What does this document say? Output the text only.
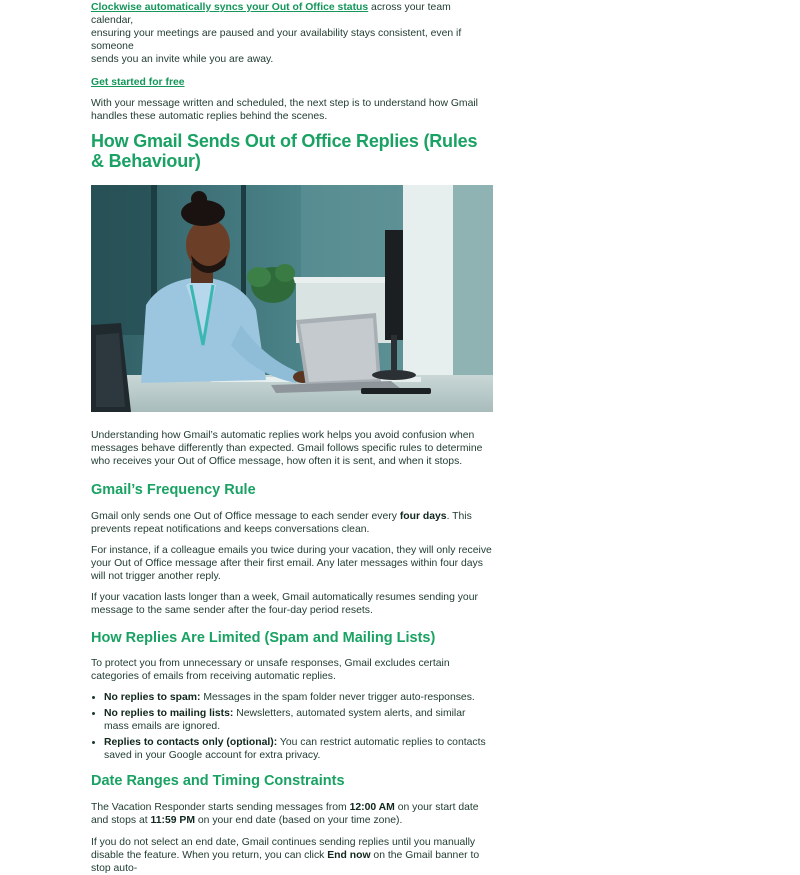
Clockwise automatically syncs your Out of Office status across your team calendar,
ensuring your meetings are paused and your availability stays consistent, even if someone
sends you an invite while you are away.

Get started for free

With your message written and scheduled, the next step is to understand how Gmail handles these automatic replies behind the scenes.

How Gmail Sends Out of Office Replies (Rules & Behaviour)

Understanding how Gmail’s automatic replies work helps you avoid confusion when messages behave differently than expected. Gmail follows specific rules to determine who receives your Out of Office message, how often it is sent, and when it stops.

Gmail’s Frequency Rule

Gmail only sends one Out of Office message to each sender every four days. This prevents repeat notifications and keeps conversations clean.

For instance, if a colleague emails you twice during your vacation, they will only receive your Out of Office message after their first email. Any later messages within four days will not trigger another reply.

If your vacation lasts longer than a week, Gmail automatically resumes sending your message to the same sender after the four-day period resets.

How Replies Are Limited (Spam and Mailing Lists)

To protect you from unnecessary or unsafe responses, Gmail excludes certain categories of emails from receiving automatic replies.

• No replies to spam: Messages in the spam folder never trigger auto-responses.
• No replies to mailing lists: Newsletters, automated system alerts, and similar mass emails are ignored.
• Replies to contacts only (optional): You can restrict automatic replies to contacts saved in your Google account for extra privacy.
Date Ranges and Timing Constraints

The Vacation Responder starts sending messages from 12:00 AM on your start date and stops at 11:59 PM on your end date (based on your time zone).

If you do not select an end date, Gmail continues sending replies until you manually disable the feature. When you return, you can click End now on the Gmail banner to stop auto-
